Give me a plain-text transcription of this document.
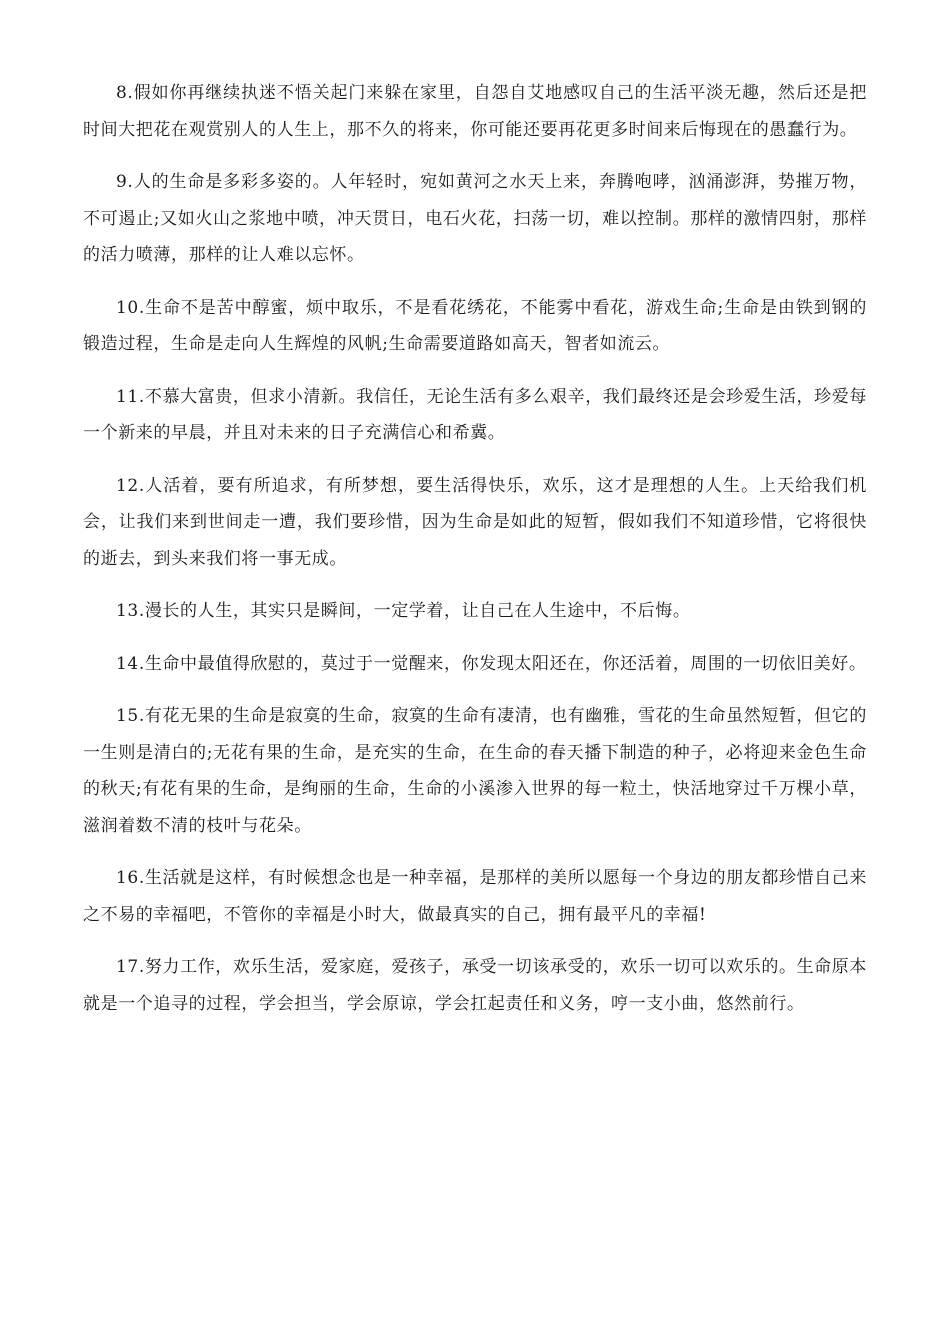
8.假如你再继续执迷不悟关起门来躲在家里，自怨自艾地感叹自己的生活平淡无趣，然后还是把时间大把花在观赏别人的人生上，那不久的将来，你可能还要再花更多时间来后悔现在的愚蠢行为。

9.人的生命是多彩多姿的。人年轻时，宛如黄河之水天上来，奔腾咆哮，汹涌澎湃，势摧万物，不可遏止;又如火山之浆地中喷，冲天贯日，电石火花，扫荡一切，难以控制。那样的激情四射，那样的活力喷薄，那样的让人难以忘怀。

10.生命不是苦中醇蜜，烦中取乐，不是看花绣花，不能雾中看花，游戏生命;生命是由铁到钢的锻造过程，生命是走向人生辉煌的风帆;生命需要道路如高天，智者如流云。

11.不慕大富贵，但求小清新。我信任，无论生活有多么艰辛，我们最终还是会珍爱生活，珍爱每一个新来的早晨，并且对未来的日子充满信心和希冀。

12.人活着，要有所追求，有所梦想，要生活得快乐，欢乐，这才是理想的人生。上天给我们机会，让我们来到世间走一遭，我们要珍惜，因为生命是如此的短暂，假如我们不知道珍惜，它将很快的逝去，到头来我们将一事无成。

13.漫长的人生，其实只是瞬间，一定学着，让自己在人生途中，不后悔。

14.生命中最值得欣慰的，莫过于一觉醒来，你发现太阳还在，你还活着，周围的一切依旧美好。

15.有花无果的生命是寂寞的生命，寂寞的生命有凄清，也有幽雅，雪花的生命虽然短暂，但它的一生则是清白的;无花有果的生命，是充实的生命，在生命的春天播下制造的种子，必将迎来金色生命的秋天;有花有果的生命，是绚丽的生命，生命的小溪渗入世界的每一粒土，快活地穿过千万棵小草，滋润着数不清的枝叶与花朵。

16.生活就是这样，有时候想念也是一种幸福，是那样的美所以愿每一个身边的朋友都珍惜自己来之不易的幸福吧，不管你的幸福是小时大，做最真实的自己，拥有最平凡的幸福!

17.努力工作，欢乐生活，爱家庭，爱孩子，承受一切该承受的，欢乐一切可以欢乐的。生命原本就是一个追寻的过程，学会担当，学会原谅，学会扛起责任和义务，哼一支小曲，悠然前行。
